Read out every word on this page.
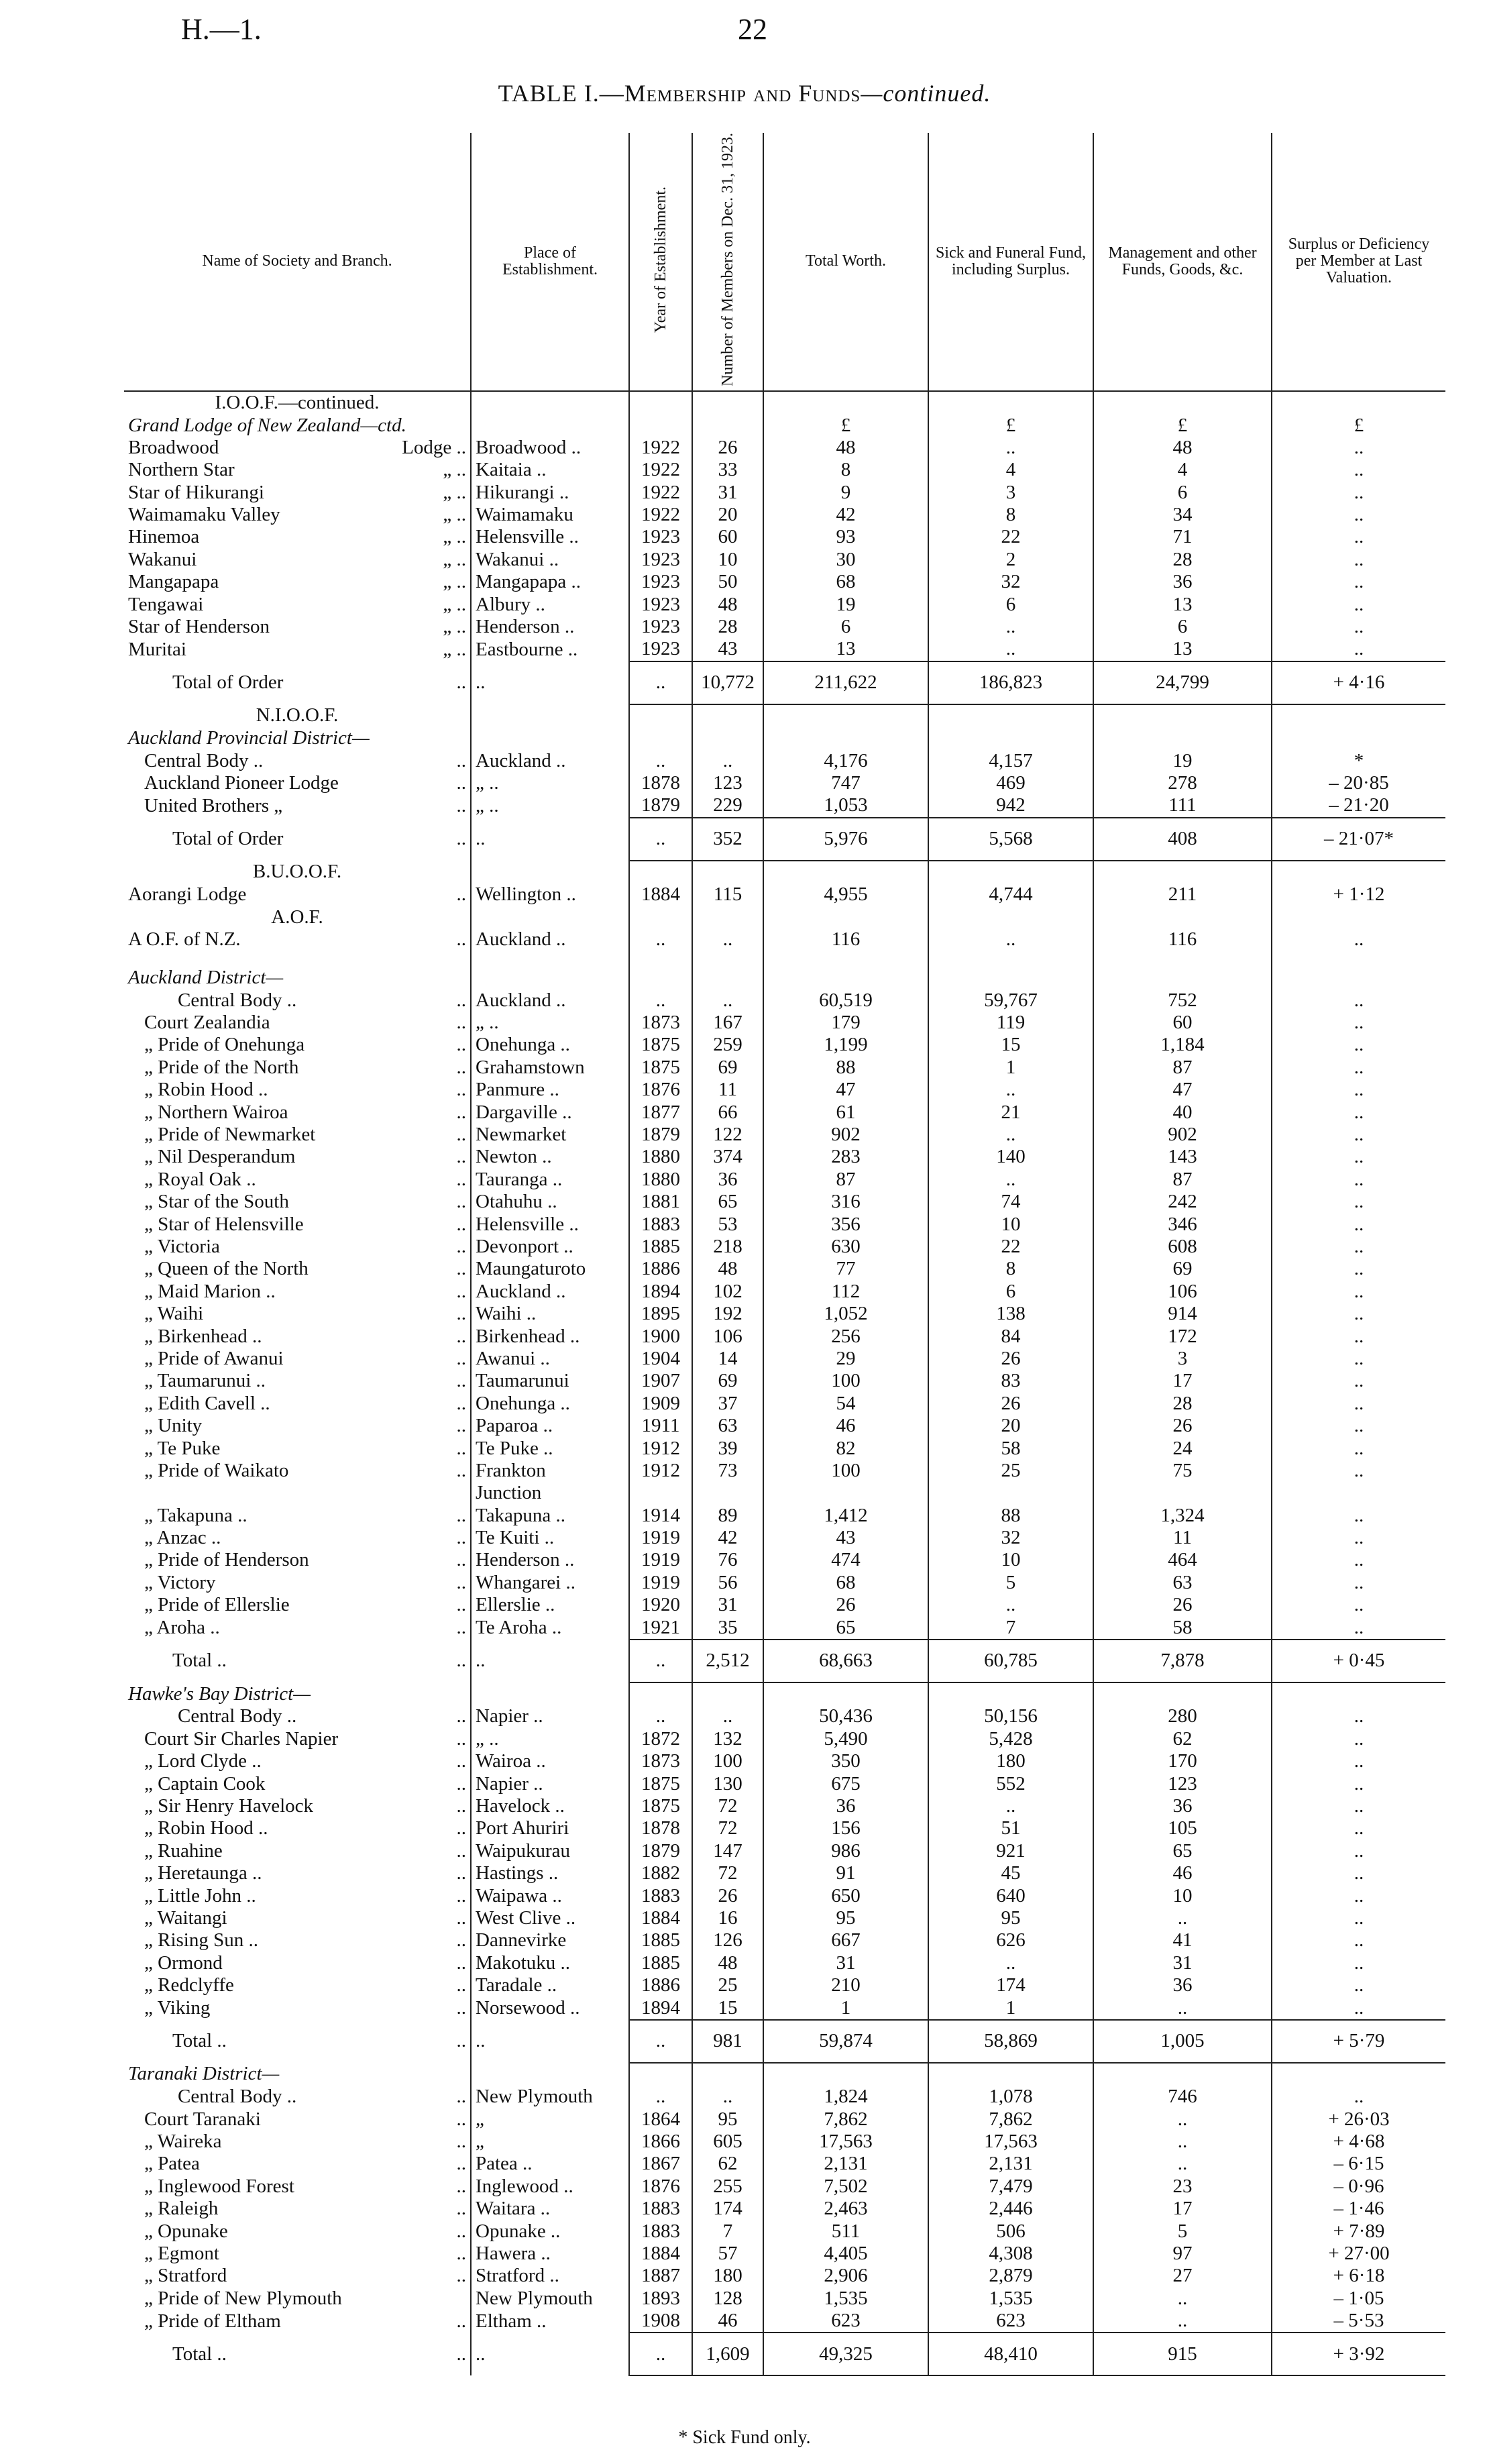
H.—1.	22
TABLE I.—Membership and Funds—continued.
Name of Society and Branch.	Place of Establishment.	Year of Establishment.	Number of Members on Dec. 31, 1923.	Total Worth.	Sick and Funeral Fund, including Surplus.	Management and other Funds, Goods, &c.	Surplus or Deficiency per Member at Last Valuation.
I.O.O.F.—continued.							

Grand Lodge of New Zealand—ctd.				£	£	£	£

Broadwood Lodge ..	Broadwood ..	1922	26	48	..	48	..

Northern Star „ ..	Kaitaia ..	1922	33	8	4	4	..

Star of Hikurangi „ ..	Hikurangi ..	1922	31	9	3	6	..

Waimamaku Valley „ ..	Waimamaku	1922	20	42	8	34	..

Hinemoa „ ..	Helensville ..	1923	60	93	22	71	..

Wakanui „ ..	Wakanui ..	1923	10	30	2	28	..

Mangapapa „ ..	Mangapapa ..	1923	50	68	32	36	..

Tengawai „ ..	Albury ..	1923	48	19	6	13	..

Star of Henderson „ ..	Henderson ..	1923	28	6	..	6	..

Muritai „ ..	Eastbourne ..	1923	43	13	..	13	..

Total of Order ..	..	..	10,772	211,622	186,823	24,799	+ 4·16
N.I.O.O.F.							

Auckland Provincial District—							

Central Body .. ..	Auckland ..	..	..	4,176	4,157	19	*

Auckland Pioneer Lodge ..	„ ..	1878	123	747	469	278	– 20·85

United Brothers „ ..	„ ..	1879	229	1,053	942	111	– 21·20

Total of Order ..	..	..	352	5,976	5,568	408	– 21·07*
B.U.O.O.F.							

Aorangi Lodge ..	Wellington ..	1884	115	4,955	4,744	211	+ 1·12
A.O.F.							

A O.F. of N.Z. ..	Auckland ..	..	..	116	..	116	..

Auckland District—							

Central Body .. ..	Auckland ..	..	..	60,519	59,767	752	..

Court Zealandia ..	„ ..	1873	167	179	119	60	..

„ Pride of Onehunga ..	Onehunga ..	1875	259	1,199	15	1,184	..

„ Pride of the North ..	Grahamstown	1875	69	88	1	87	..

„ Robin Hood .. ..	Panmure ..	1876	11	47	..	47	..

„ Northern Wairoa ..	Dargaville ..	1877	66	61	21	40	..

„ Pride of Newmarket ..	Newmarket	1879	122	902	..	902	..

„ Nil Desperandum ..	Newton ..	1880	374	283	140	143	..

„ Royal Oak .. ..	Tauranga ..	1880	36	87	..	87	..

„ Star of the South ..	Otahuhu ..	1881	65	316	74	242	..

„ Star of Helensville ..	Helensville ..	1883	53	356	10	346	..

„ Victoria ..	Devonport ..	1885	218	630	22	608	..

„ Queen of the North ..	Maungaturoto	1886	48	77	8	69	..

„ Maid Marion .. ..	Auckland ..	1894	102	112	6	106	..

„ Waihi ..	Waihi ..	1895	192	1,052	138	914	..

„ Birkenhead .. ..	Birkenhead ..	1900	106	256	84	172	..

„ Pride of Awanui ..	Awanui ..	1904	14	29	26	3	..

„ Taumarunui .. ..	Taumarunui	1907	69	100	83	17	..

„ Edith Cavell .. ..	Onehunga ..	1909	37	54	26	28	..

„ Unity ..	Paparoa ..	1911	63	46	20	26	..

„ Te Puke ..	Te Puke ..	1912	39	82	58	24	..

„ Pride of Waikato ..	Frankton	1912	73	100	25	75	..

	Junction						

„ Takapuna .. ..	Takapuna ..	1914	89	1,412	88	1,324	..

„ Anzac .. ..	Te Kuiti ..	1919	42	43	32	11	..

„ Pride of Henderson ..	Henderson ..	1919	76	474	10	464	..

„ Victory ..	Whangarei ..	1919	56	68	5	63	..

„ Pride of Ellerslie ..	Ellerslie ..	1920	31	26	..	26	..

„ Aroha .. ..	Te Aroha ..	1921	35	65	7	58	..

Total .. ..	..	..	2,512	68,663	60,785	7,878	+ 0·45

Hawke's Bay District—							

Central Body .. ..	Napier ..	..	..	50,436	50,156	280	..

Court Sir Charles Napier ..	„ ..	1872	132	5,490	5,428	62	..

„ Lord Clyde .. ..	Wairoa ..	1873	100	350	180	170	..

„ Captain Cook ..	Napier ..	1875	130	675	552	123	..

„ Sir Henry Havelock ..	Havelock ..	1875	72	36	..	36	..

„ Robin Hood .. ..	Port Ahuriri	1878	72	156	51	105	..

„ Ruahine ..	Waipukurau	1879	147	986	921	65	..

„ Heretaunga .. ..	Hastings ..	1882	72	91	45	46	..

„ Little John .. ..	Waipawa ..	1883	26	650	640	10	..

„ Waitangi ..	West Clive ..	1884	16	95	95	..	..

„ Rising Sun .. ..	Dannevirke	1885	126	667	626	41	..

„ Ormond ..	Makotuku ..	1885	48	31	..	31	..

„ Redclyffe ..	Taradale ..	1886	25	210	174	36	..

„ Viking ..	Norsewood ..	1894	15	1	1	..	..

Total .. ..	..	..	981	59,874	58,869	1,005	+ 5·79

Taranaki District—							

Central Body .. ..	New Plymouth	..	..	1,824	1,078	746	..

Court Taranaki ..	„	1864	95	7,862	7,862	..	+ 26·03

„ Waireka ..	„	1866	605	17,563	17,563	..	+ 4·68

„ Patea ..	Patea ..	1867	62	2,131	2,131	..	– 6·15

„ Inglewood Forest ..	Inglewood ..	1876	255	7,502	7,479	23	– 0·96

„ Raleigh ..	Waitara ..	1883	174	2,463	2,446	17	– 1·46

„ Opunake ..	Opunake ..	1883	7	511	506	5	+ 7·89

„ Egmont ..	Hawera ..	1884	57	4,405	4,308	97	+ 27·00

„ Stratford ..	Stratford ..	1887	180	2,906	2,879	27	+ 6·18

„ Pride of New Plymouth	New Plymouth	1893	128	1,535	1,535	..	– 1·05

„ Pride of Eltham ..	Eltham ..	1908	46	623	623	..	– 5·53

Total .. ..	..	..	1,609	49,325	48,410	915	+ 3·92
* Sick Fund only.
